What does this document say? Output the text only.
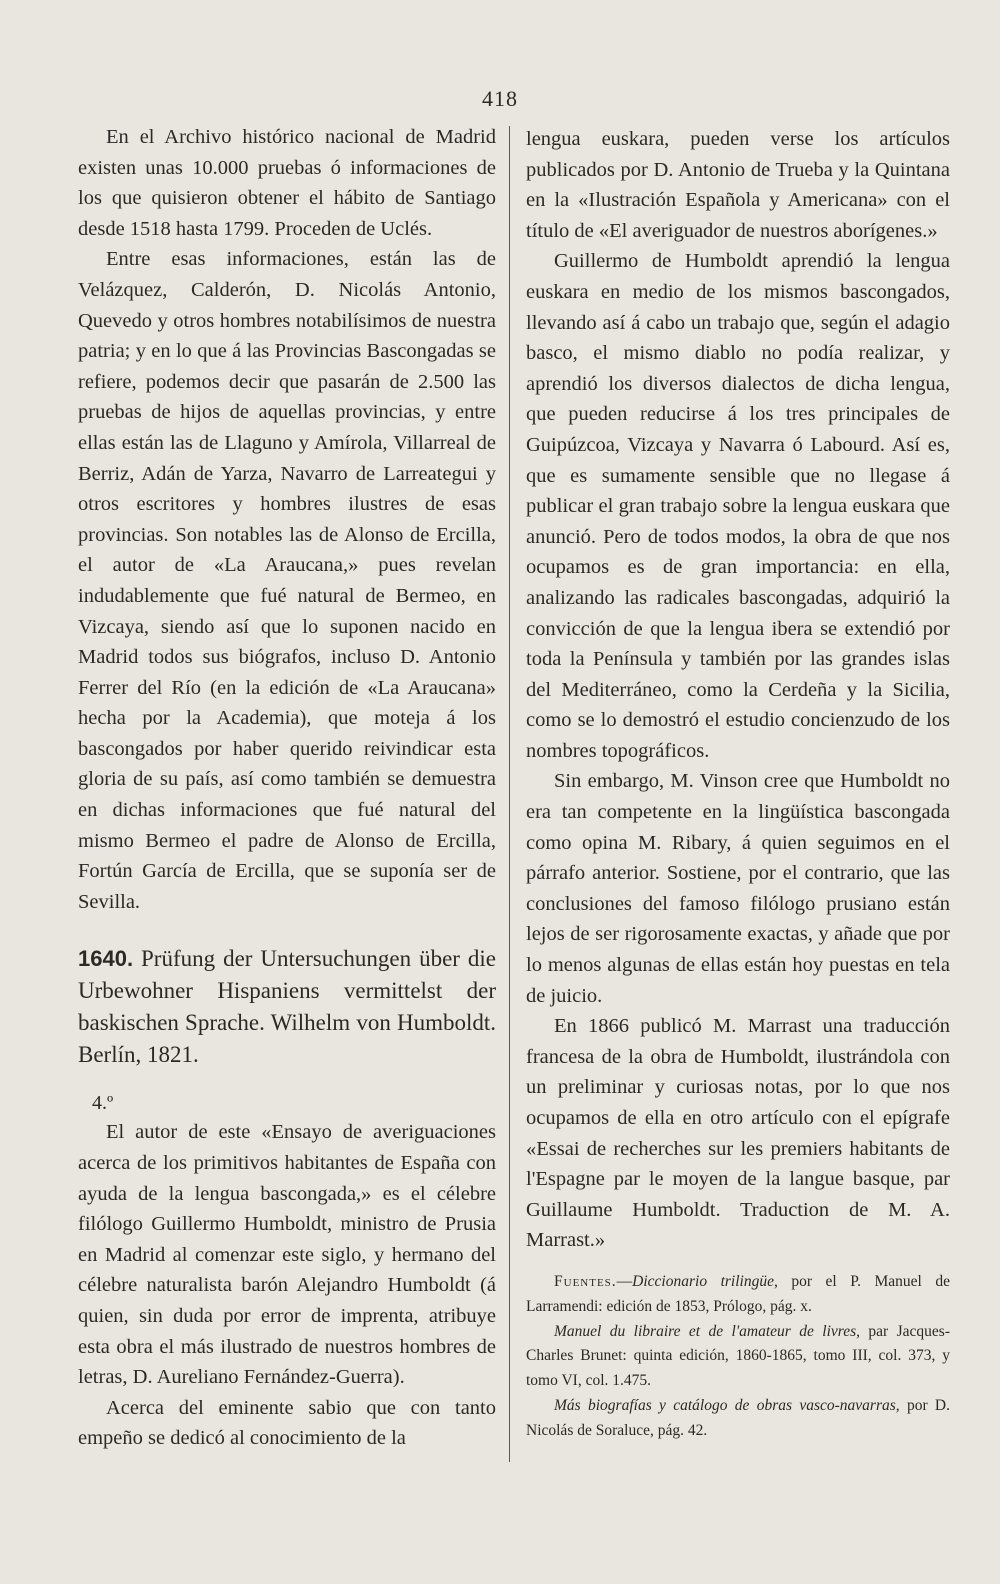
418

En el Archivo histórico nacional de Madrid existen unas 10.000 pruebas ó informaciones de los que quisieron obtener el hábito de Santiago desde 1518 hasta 1799. Proceden de Uclés.

Entre esas informaciones, están las de Velázquez, Calderón, D. Nicolás Antonio, Quevedo y otros hombres notabilísimos de nuestra patria; y en lo que á las Provincias Bascongadas se refiere, podemos decir que pasarán de 2.500 las pruebas de hijos de aquellas provincias, y entre ellas están las de Llaguno y Amírola, Villarreal de Berriz, Adán de Yarza, Navarro de Larreategui y otros escritores y hombres ilustres de esas provincias. Son notables las de Alonso de Ercilla, el autor de «La Araucana,» pues revelan indudablemente que fué natural de Bermeo, en Vizcaya, siendo así que lo suponen nacido en Madrid todos sus biógrafos, incluso D. Antonio Ferrer del Río (en la edición de «La Araucana» hecha por la Academia), que moteja á los bascongados por haber querido reivindicar esta gloria de su país, así como también se demuestra en dichas informaciones que fué natural del mismo Bermeo el padre de Alonso de Ercilla, Fortún García de Ercilla, que se suponía ser de Sevilla.

1640. Prüfung der Untersuchungen über die Urbewohner Hispaniens vermittelst der baskischen Sprache. Wilhelm von Humboldt. Berlín, 1821.
4.º

El autor de este «Ensayo de averiguaciones acerca de los primitivos habitantes de España con ayuda de la lengua bascongada,» es el célebre filólogo Guillermo Humboldt, ministro de Prusia en Madrid al comenzar este siglo, y hermano del célebre naturalista barón Alejandro Humboldt (á quien, sin duda por error de imprenta, atribuye esta obra el más ilustrado de nuestros hombres de letras, D. Aureliano Fernández-Guerra).

Acerca del eminente sabio que con tanto empeño se dedicó al conocimiento de la

lengua euskara, pueden verse los artículos publicados por D. Antonio de Trueba y la Quintana en la «Ilustración Española y Americana» con el título de «El averiguador de nuestros aborígenes.»

Guillermo de Humboldt aprendió la lengua euskara en medio de los mismos bascongados, llevando así á cabo un trabajo que, según el adagio basco, el mismo diablo no podía realizar, y aprendió los diversos dialectos de dicha lengua, que pueden reducirse á los tres principales de Guipúzcoa, Vizcaya y Navarra ó Labourd. Así es, que es sumamente sensible que no llegase á publicar el gran trabajo sobre la lengua euskara que anunció. Pero de todos modos, la obra de que nos ocupamos es de gran importancia: en ella, analizando las radicales bascongadas, adquirió la convicción de que la lengua ibera se extendió por toda la Península y también por las grandes islas del Mediterráneo, como la Cerdeña y la Sicilia, como se lo demostró el estudio concienzudo de los nombres topográficos.

Sin embargo, M. Vinson cree que Humboldt no era tan competente en la lingüística bascongada como opina M. Ribary, á quien seguimos en el párrafo anterior. Sostiene, por el contrario, que las conclusiones del famoso filólogo prusiano están lejos de ser rigorosamente exactas, y añade que por lo menos algunas de ellas están hoy puestas en tela de juicio.

En 1866 publicó M. Marrast una traducción francesa de la obra de Humboldt, ilustrándola con un preliminar y curiosas notas, por lo que nos ocupamos de ella en otro artículo con el epígrafe «Essai de recherches sur les premiers habitants de l'Espagne par le moyen de la langue basque, par Guillaume Humboldt. Traduction de M. A. Marrast.»

Fuentes.—Diccionario trilingüe, por el P. Manuel de Larramendi: edición de 1853, Prólogo, pág. x.

Manuel du libraire et de l'amateur de livres, par Jacques-Charles Brunet: quinta edición, 1860-1865, tomo III, col. 373, y tomo VI, col. 1.475.

Más biografías y catálogo de obras vasco-navarras, por D. Nicolás de Soraluce, pág. 42.
